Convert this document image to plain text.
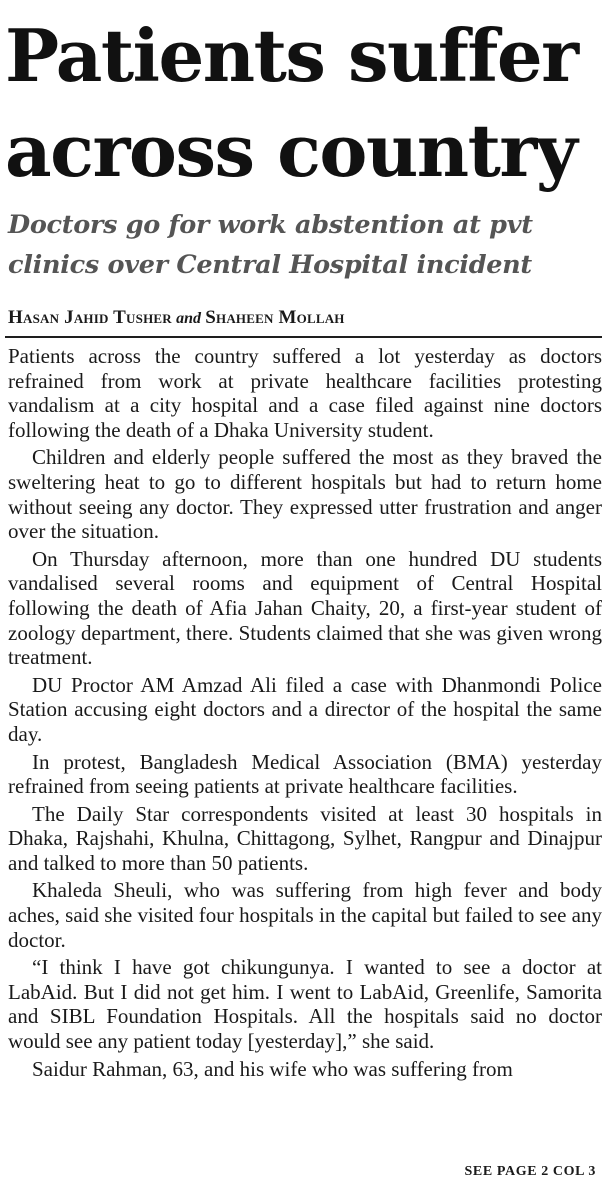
Patients suffer
across country
Doctors go for work abstention at pvt
clinics over Central Hospital incident
Hasan Jahid Tusher and Shaheen Mollah

Patients across the country suffered a lot yesterday as doctors refrained from work at private healthcare facilities protesting vandalism at a city hospital and a case filed against nine doctors following the death of a Dhaka University student.

Children and elderly people suffered the most as they braved the sweltering heat to go to different hospitals but had to return home without seeing any doctor. They expressed utter frustration and anger over the situation.

On Thursday afternoon, more than one hundred DU students vandalised several rooms and equipment of Central Hospital following the death of Afia Jahan Chaity, 20, a first-year student of zoology department, there. Students claimed that she was given wrong treatment.

DU Proctor AM Amzad Ali filed a case with Dhanmondi Police Station accusing eight doctors and a director of the hospital the same day.

In protest, Bangladesh Medical Association (BMA) yesterday refrained from seeing patients at private healthcare facilities.

The Daily Star correspondents visited at least 30 hospitals in Dhaka, Rajshahi, Khulna, Chittagong, Sylhet, Rangpur and Dinajpur and talked to more than 50 patients.

Khaleda Sheuli, who was suffering from high fever and body aches, said she visited four hospitals in the capital but failed to see any doctor.

“I think I have got chikungunya. I wanted to see a doctor at LabAid. But I did not get him. I went to LabAid, Greenlife, Samorita and SIBL Foundation Hospitals. All the hospitals said no doctor would see any patient today [yesterday],” she said.

Saidur Rahman, 63, and his wife who was suffering from

SEE PAGE 2 COL 3
